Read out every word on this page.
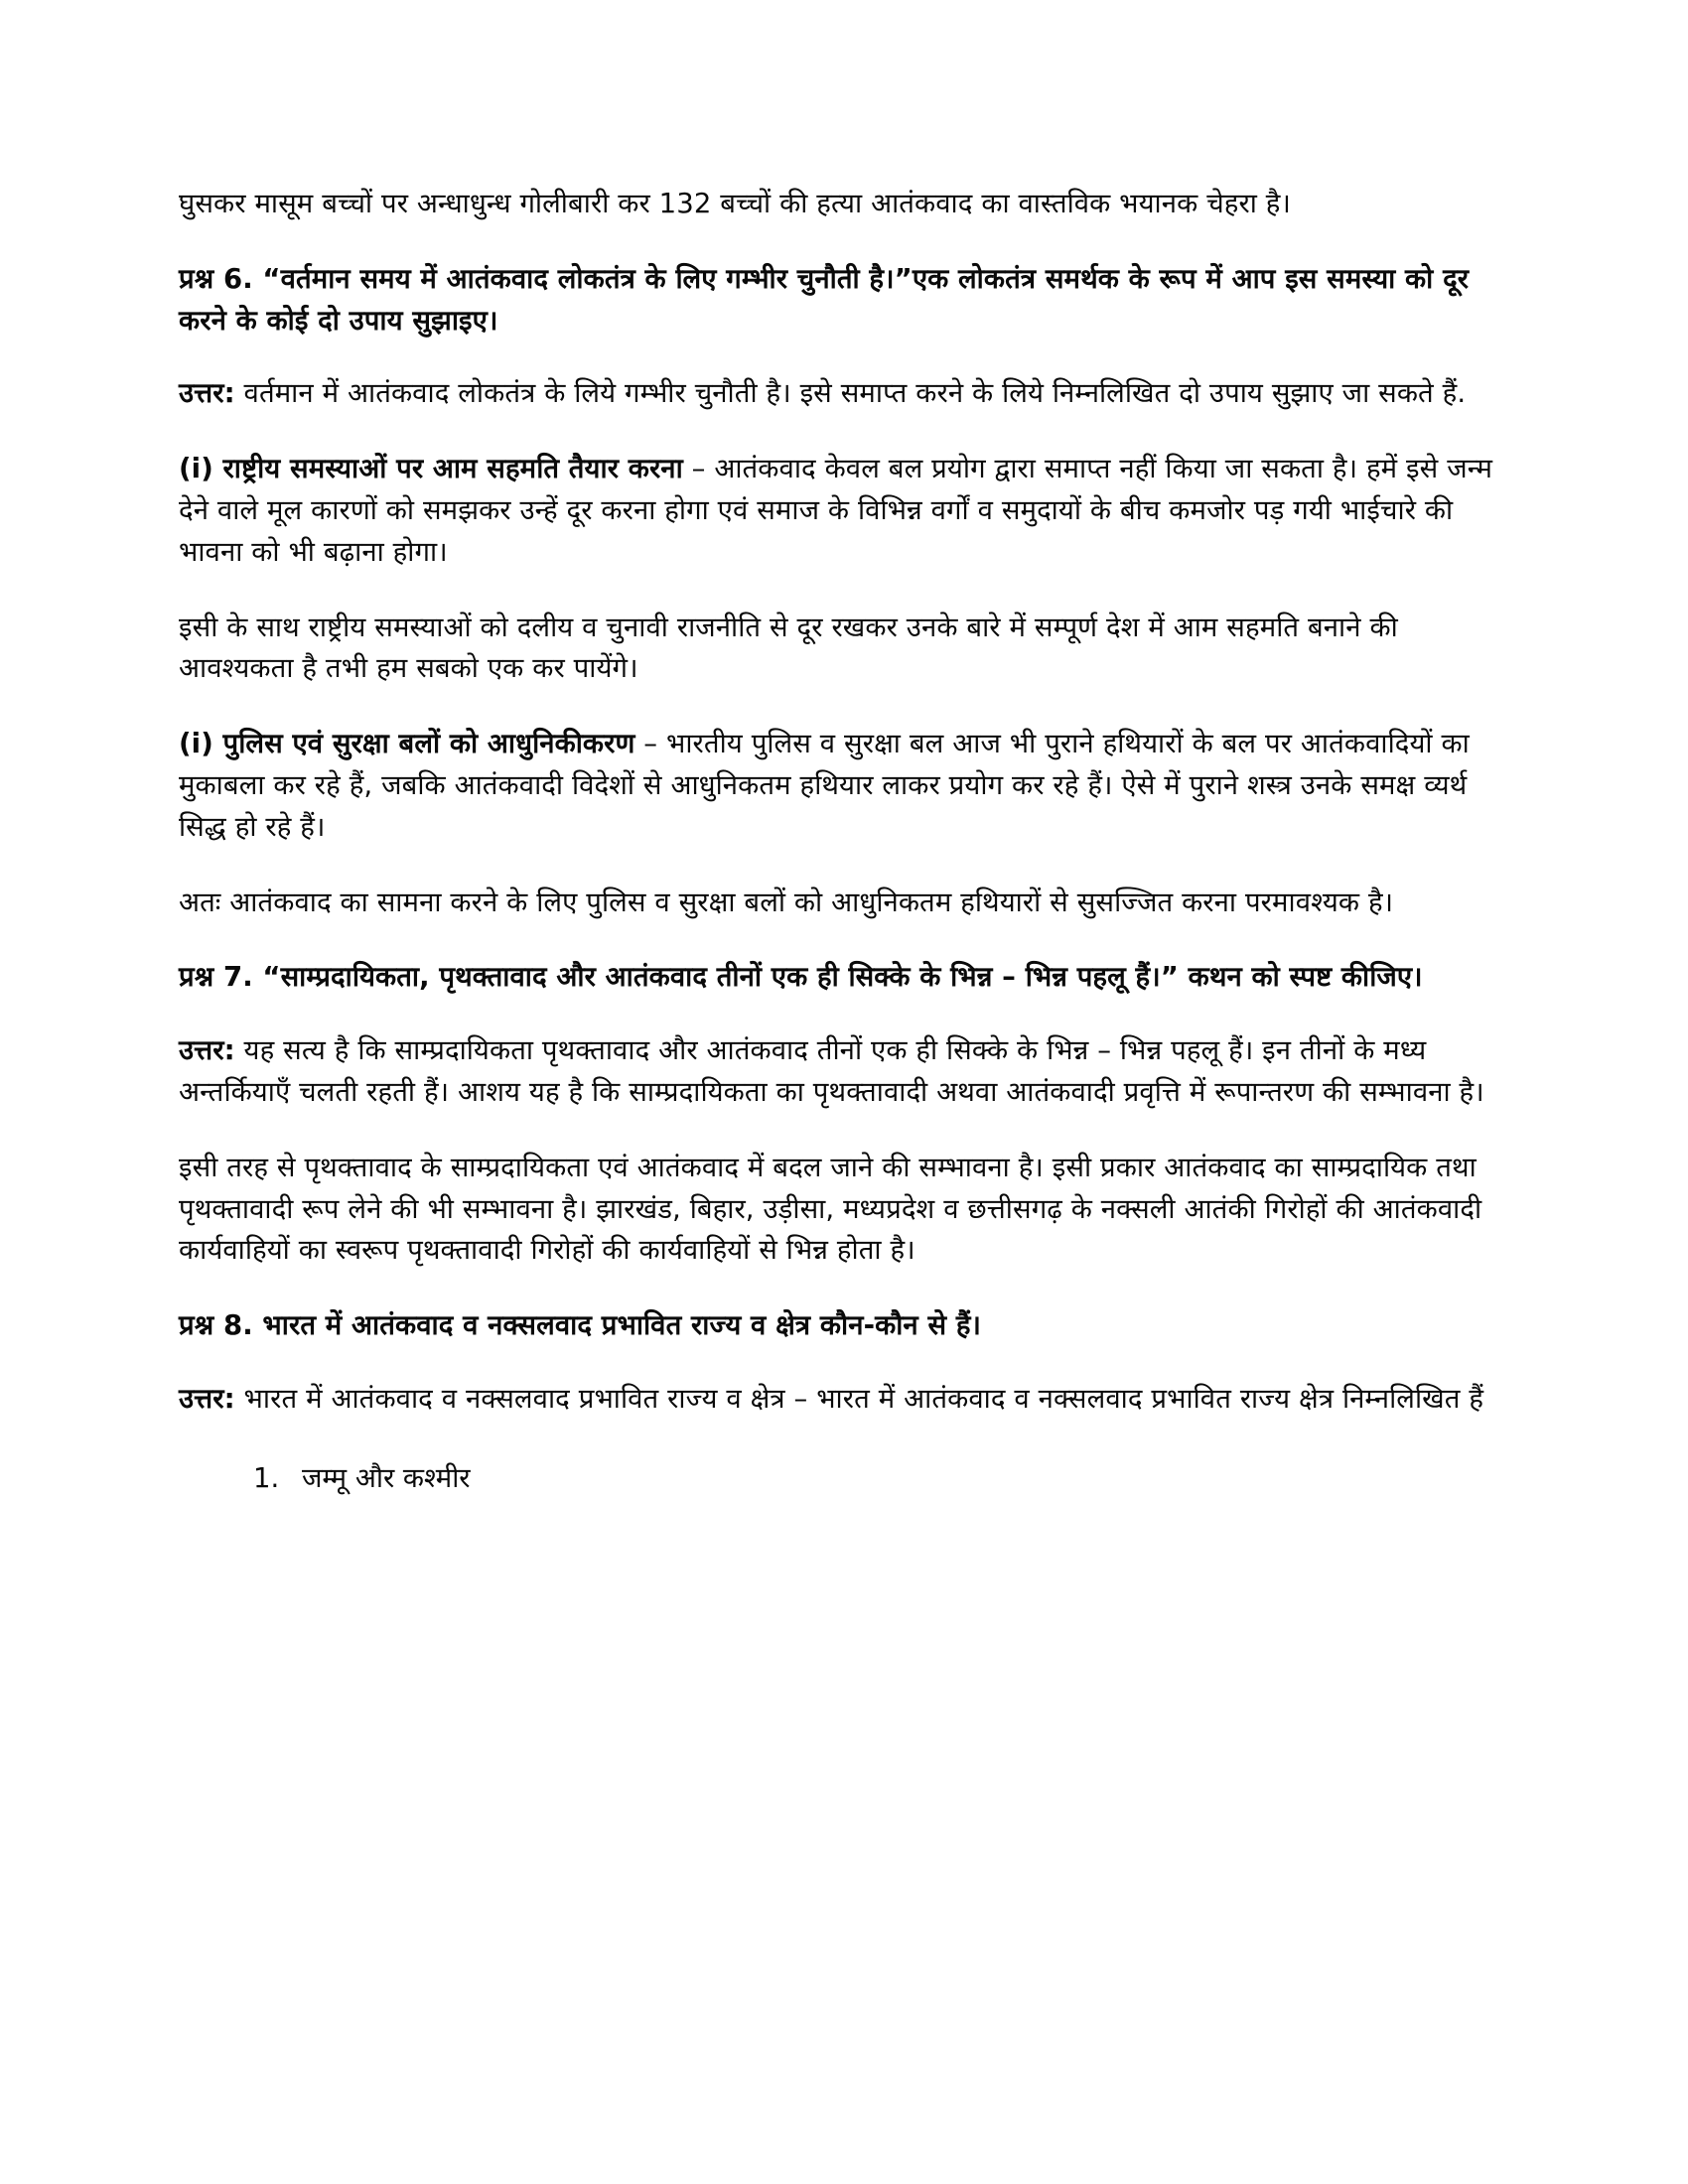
घुसकर मासूम बच्चों पर अन्धाधुन्ध गोलीबारी कर 132 बच्चों की हत्या आतंकवाद का वास्तविक भयानक चेहरा है।

प्रश्न 6. “वर्तमान समय में आतंकवाद लोकतंत्र के लिए गम्भीर चुनौती है।”एक लोकतंत्र समर्थक के रूप में आप इस समस्या को दूर करने के कोई दो उपाय सुझाइए।

उत्तर: वर्तमान में आतंकवाद लोकतंत्र के लिये गम्भीर चुनौती है। इसे समाप्त करने के लिये निम्नलिखित दो उपाय सुझाए जा सकते हैं.

(i) राष्ट्रीय समस्याओं पर आम सहमति तैयार करना – आतंकवाद केवल बल प्रयोग द्वारा समाप्त नहीं किया जा सकता है। हमें इसे जन्म देने वाले मूल कारणों को समझकर उन्हें दूर करना होगा एवं समाज के विभिन्न वर्गों व समुदायों के बीच कमजोर पड़ गयी भाईचारे की भावना को भी बढ़ाना होगा।

इसी के साथ राष्ट्रीय समस्याओं को दलीय व चुनावी राजनीति से दूर रखकर उनके बारे में सम्पूर्ण देश में आम सहमति बनाने की आवश्यकता है तभी हम सबको एक कर पायेंगे।

(i) पुलिस एवं सुरक्षा बलों को आधुनिकीकरण – भारतीय पुलिस व सुरक्षा बल आज भी पुराने हथियारों के बल पर आतंकवादियों का मुकाबला कर रहे हैं, जबकि आतंकवादी विदेशों से आधुनिकतम हथियार लाकर प्रयोग कर रहे हैं। ऐसे में पुराने शस्त्र उनके समक्ष व्यर्थ सिद्ध हो रहे हैं।

अतः आतंकवाद का सामना करने के लिए पुलिस व सुरक्षा बलों को आधुनिकतम हथियारों से सुसज्जित करना परमावश्यक है।

प्रश्न 7. “साम्प्रदायिकता, पृथक्तावाद और आतंकवाद तीनों एक ही सिक्के के भिन्न – भिन्न पहलू हैं।” कथन को स्पष्ट कीजिए।

उत्तर: यह सत्य है कि साम्प्रदायिकता पृथक्तावाद और आतंकवाद तीनों एक ही सिक्के के भिन्न – भिन्न पहलू हैं। इन तीनों के मध्य अन्तर्किया‌एँ चलती रहती हैं। आशय यह है कि साम्प्रदायिकता का पृथक्तावादी अथवा आतंकवादी प्रवृत्ति में रूपान्तरण की सम्भावना है।

इसी तरह से पृथक्तावाद के साम्प्रदायिकता एवं आतंकवाद में बदल जाने की सम्भावना है। इसी प्रकार आतंकवाद का साम्प्रदायिक तथा पृथक्तावादी रूप लेने की भी सम्भावना है। झारखंड, बिहार, उड़ीसा, मध्यप्रदेश व छत्तीसगढ़ के नक्सली आतंकी गिरोहों की आतंकवादी कार्यवाहियों का स्वरूप पृथक्तावादी गिरोहों की कार्यवाहियों से भिन्न होता है।

प्रश्न 8. भारत में आतंकवाद व नक्सलवाद प्रभावित राज्य व क्षेत्र कौन-कौन से हैं।

उत्तर: भारत में आतंकवाद व नक्सलवाद प्रभावित राज्य व क्षेत्र – भारत में आतंकवाद व नक्सलवाद प्रभावित राज्य क्षेत्र निम्नलिखित हैं

1. जम्मू और कश्मीर
